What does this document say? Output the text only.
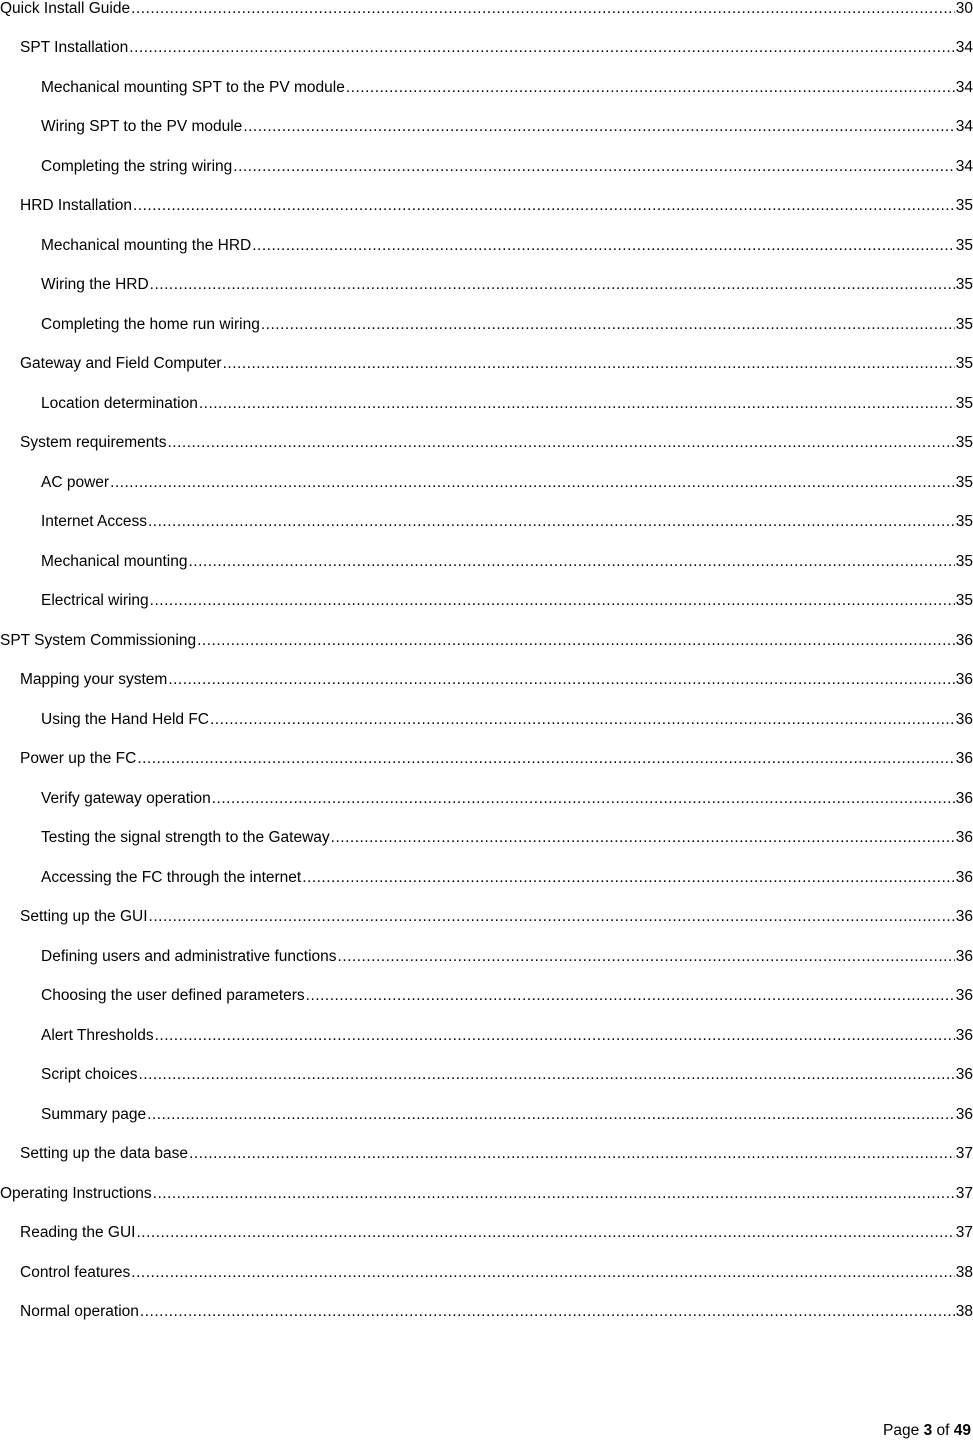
Quick Install Guide .....	30
SPT Installation .....	34
Mechanical mounting SPT to the PV module .....	34
Wiring SPT to the PV module .....	34
Completing the string wiring .....	34
HRD Installation .....	35
Mechanical mounting the HRD .....	35
Wiring the HRD .....	35
Completing the home run wiring .....	35
Gateway and Field Computer .....	35
Location determination .....	35
System requirements .....	35
AC power .....	35
Internet Access .....	35
Mechanical mounting .....	35
Electrical wiring .....	35
SPT System Commissioning .....	36
Mapping your system .....	36
Using the Hand Held FC .....	36
Power up the FC .....	36
Verify gateway operation .....	36
Testing the signal strength to the Gateway .....	36
Accessing the FC through the internet .....	36
Setting up the GUI .....	36
Defining users and administrative functions .....	36
Choosing the user defined parameters .....	36
Alert Thresholds .....	36
Script choices .....	36
Summary page .....	36
Setting up the data base .....	37
Operating Instructions .....	37
Reading the GUI .....	37
Control features .....	38
Normal operation .....	38
Page 3 of 49
